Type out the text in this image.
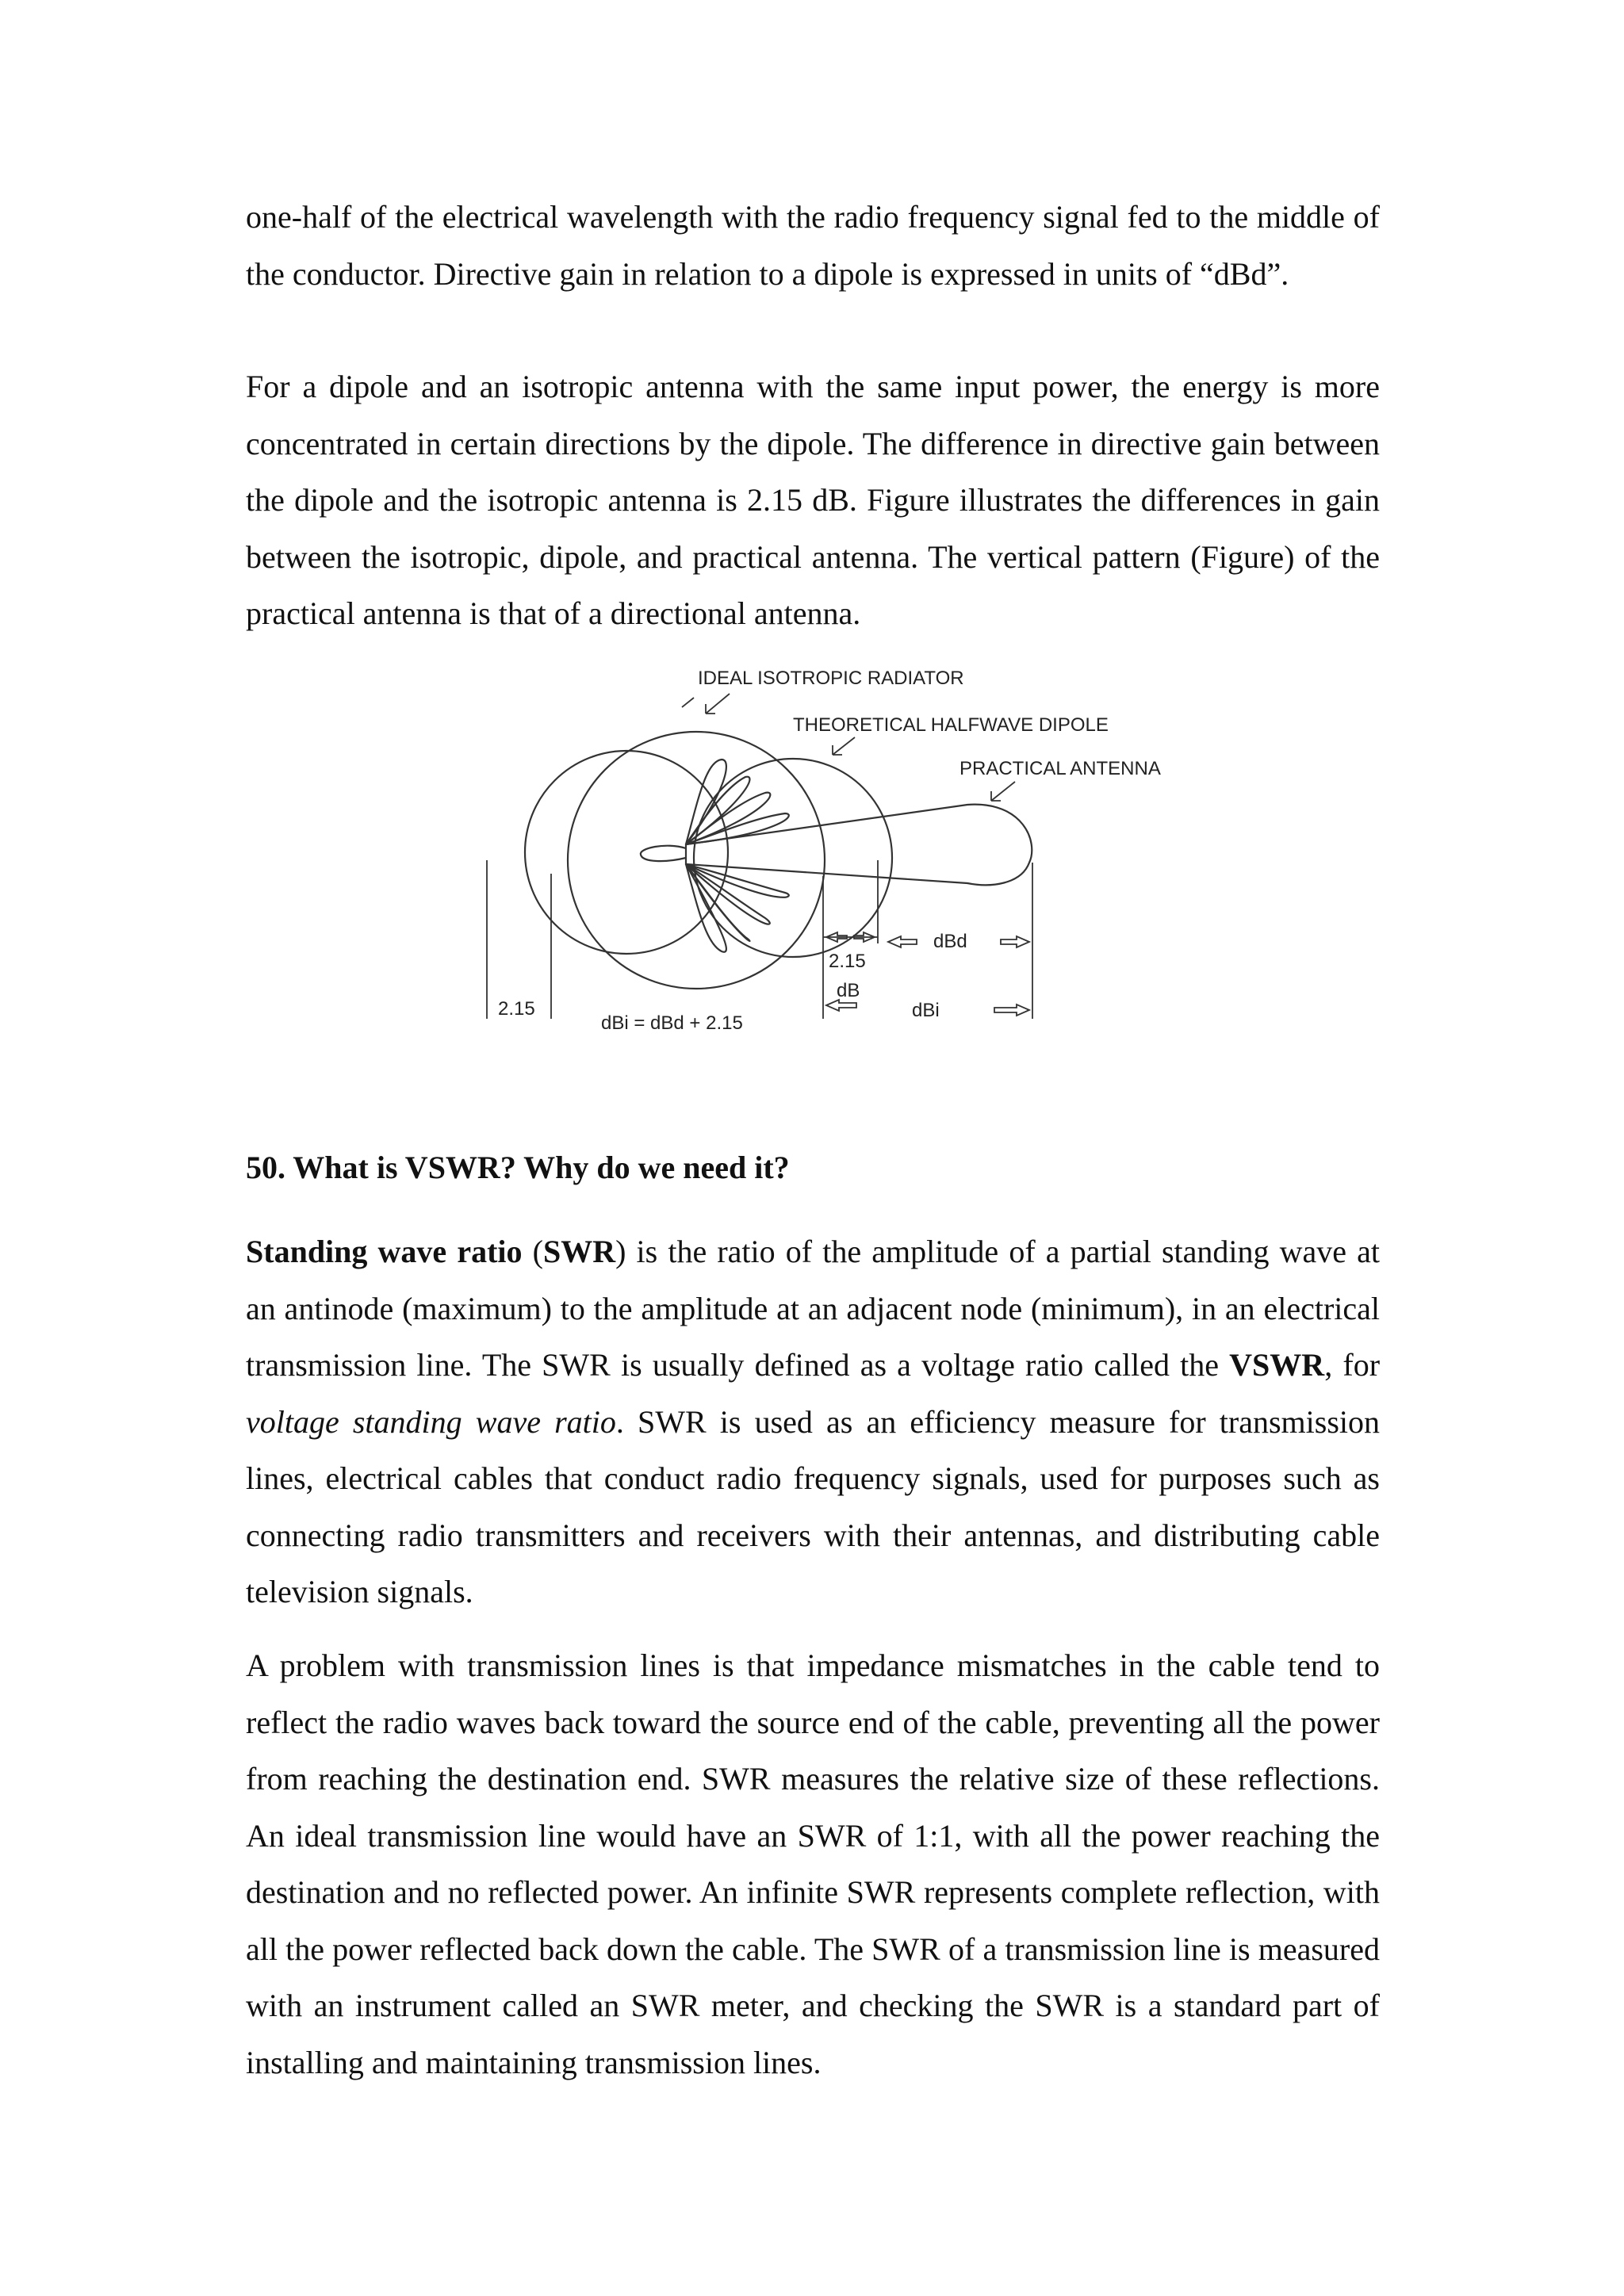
one-half of the electrical wavelength with the radio frequency signal fed to the middle of the conductor. Directive gain in relation to a dipole is expressed in units of “dBd”.

For a dipole and an isotropic antenna with the same input power, the energy is more concentrated in certain directions by the dipole. The difference in directive gain between the dipole and the isotropic antenna is 2.15 dB. Figure illustrates the differences in gain between the isotropic, dipole, and practical antenna. The vertical pattern (Figure) of the practical antenna is that of a directional antenna.

IDEAL ISOTROPIC RADIATOR
THEORETICAL HALFWAVE DIPOLE
PRACTICAL ANTENNA
2.15
dBi = dBd + 2.15
2.15
dB
dBd
dBi

50. What is VSWR? Why do we need it?

Standing wave ratio (SWR) is the ratio of the amplitude of a partial standing wave at an antinode (maximum) to the amplitude at an adjacent node (minimum), in an electrical transmission line. The SWR is usually defined as a voltage ratio called the VSWR, for voltage standing wave ratio. SWR is used as an efficiency measure for transmission lines, electrical cables that conduct radio frequency signals, used for purposes such as connecting radio transmitters and receivers with their antennas, and distributing cable television signals.

A problem with transmission lines is that impedance mismatches in the cable tend to reflect the radio waves back toward the source end of the cable, preventing all the power from reaching the destination end. SWR measures the relative size of these reflections. An ideal transmission line would have an SWR of 1:1, with all the power reaching the destination and no reflected power. An infinite SWR represents complete reflection, with all the power reflected back down the cable. The SWR of a transmission line is measured with an instrument called an SWR meter, and checking the SWR is a standard part of installing and maintaining transmission lines.
